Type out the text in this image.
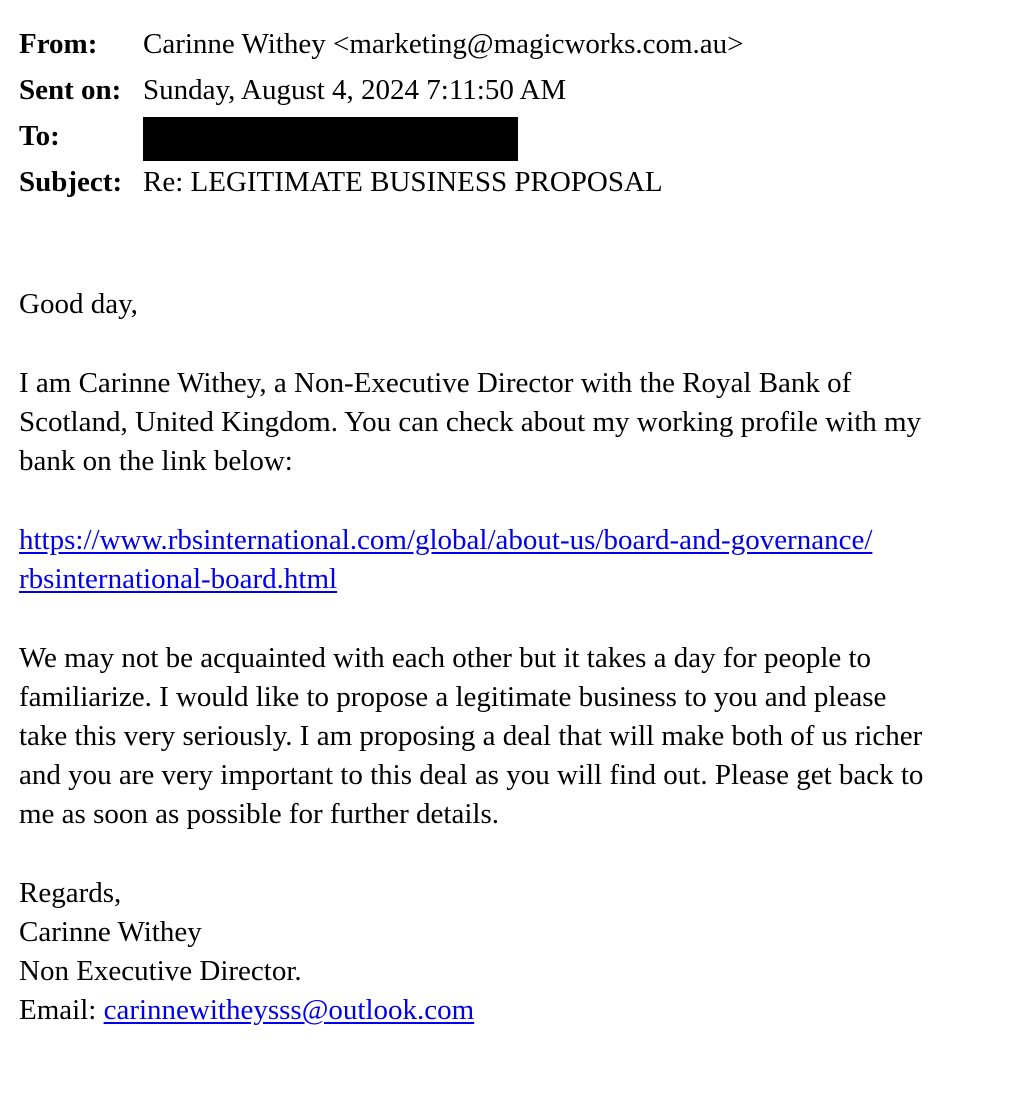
From:	Carinne Withey <marketing@magicworks.com.au>
Sent on: Sunday, August 4, 2024 7:11:50 AM
To:
Subject: Re: LEGITIMATE BUSINESS PROPOSAL

Good day,

I am Carinne Withey, a Non-Executive Director with the Royal Bank of
Scotland, United Kingdom. You can check about my working profile with my
bank on the link below:
https://www.rbsinternational.com/global/about-us/board-and-governance/
rbsinternational-board.html
We may not be acquainted with each other but it takes a day for people to
familiarize. I would like to propose a legitimate business to you and please
take this very seriously. I am proposing a deal that will make both of us richer
and you are very important to this deal as you will find out. Please get back to
me as soon as possible for further details.
Regards,
Carinne Withey
Non Executive Director.
Email: carinnewitheysss@outlook.com
